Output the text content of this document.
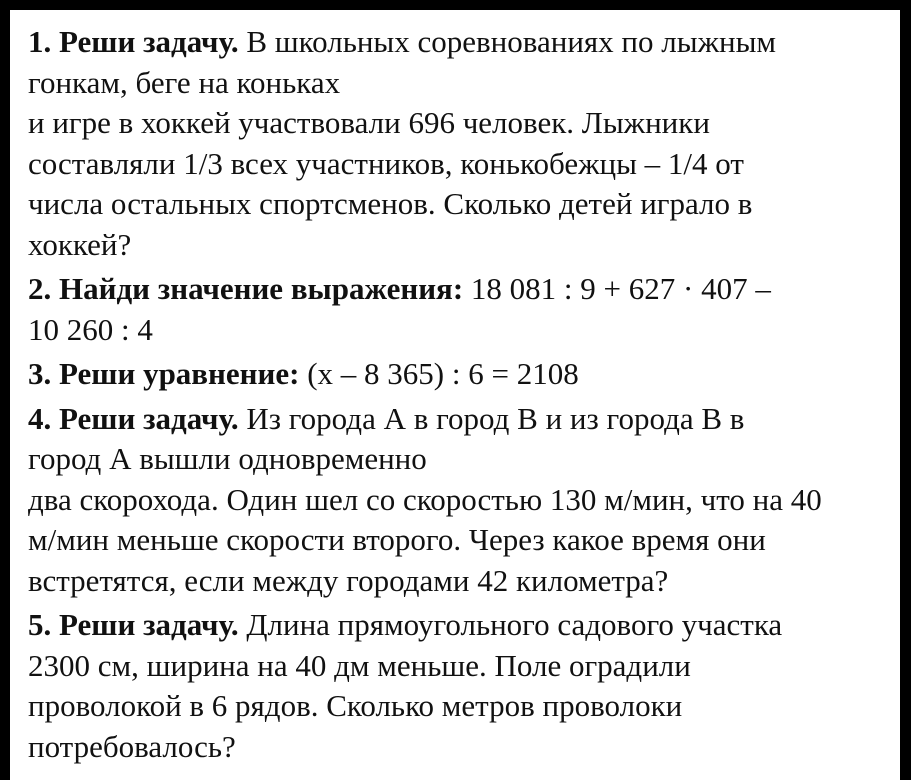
1. Реши задачу. В школьных соревнованиях по лыжным
гонкам, беге на коньках
и игре в хоккей участвовали 696 человек. Лыжники
составляли 1/3 всех участников, конькобежцы – 1/4 от
числа остальных спортсменов. Сколько детей играло в
хоккей?
2. Найди значение выражения: 18 081 : 9 + 627 · 407 –
10 260 : 4
3. Реши уравнение: (х – 8 365) : 6 = 2108
4. Реши задачу. Из города А в город В и из города В в
город А вышли одновременно
два скорохода. Один шел со скоростью 130 м/мин, что на 40
м/мин меньше скорости второго. Через какое время они
встретятся, если между городами 42 километра?
5. Реши задачу. Длина прямоугольного садового участка
2300 см, ширина на 40 дм меньше. Поле оградили
проволокой в 6 рядов. Сколько метров проволоки
потребовалось?
